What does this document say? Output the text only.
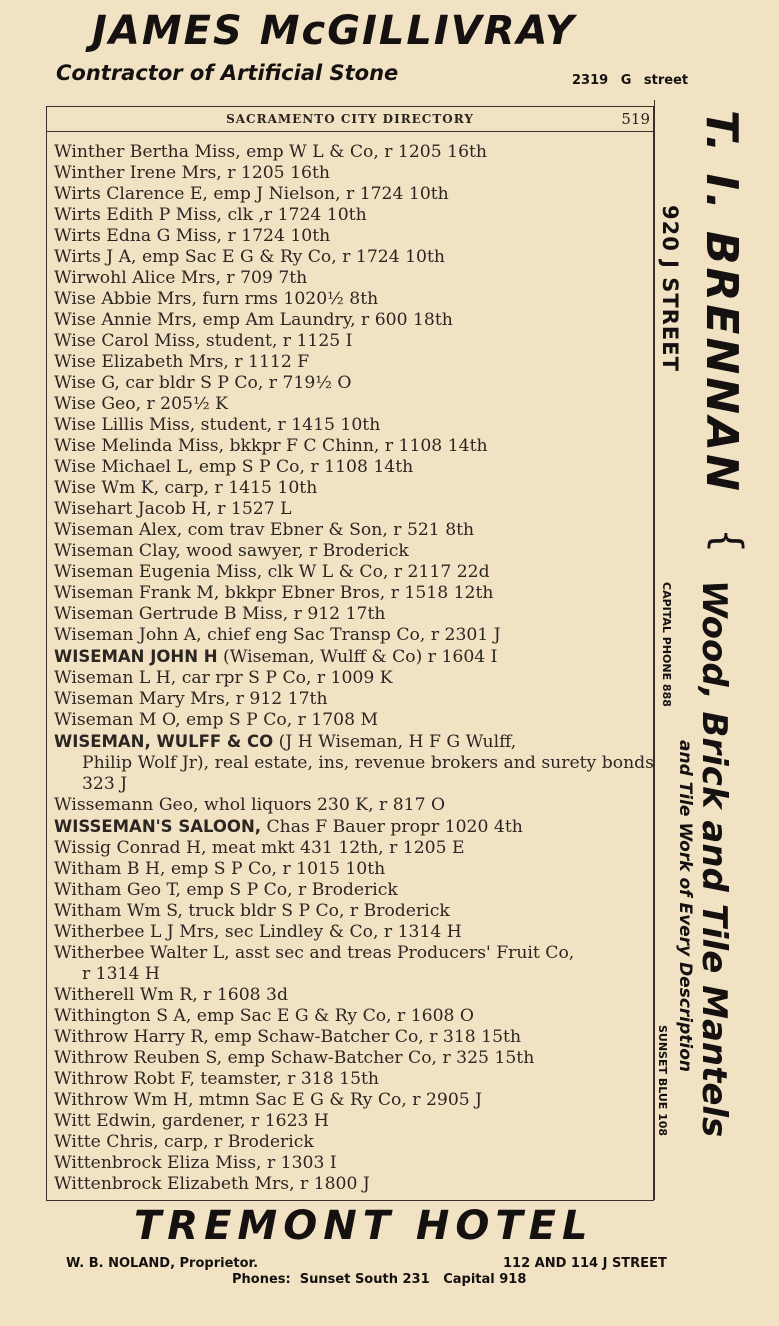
JAMES McGILLIVRAY
Contractor of Artificial Stone	2319 G street
SACRAMENTO CITY DIRECTORY	519
Winther Bertha Miss, emp W L & Co, r 1205 16th
Winther Irene Mrs, r 1205 16th
Wirts Clarence E, emp J Nielson, r 1724 10th
Wirts Edith P Miss, clk ,r 1724 10th
Wirts Edna G Miss, r 1724 10th
Wirts J A, emp Sac E G & Ry Co, r 1724 10th
Wirwohl Alice Mrs, r 709 7th
Wise Abbie Mrs, furn rms 1020½ 8th
Wise Annie Mrs, emp Am Laundry, r 600 18th
Wise Carol Miss, student, r 1125 I
Wise Elizabeth Mrs, r 1112 F
Wise G, car bldr S P Co, r 719½ O
Wise Geo, r 205½ K
Wise Lillis Miss, student, r 1415 10th
Wise Melinda Miss, bkkpr F C Chinn, r 1108 14th
Wise Michael L, emp S P Co, r 1108 14th
Wise Wm K, carp, r 1415 10th
Wisehart Jacob H, r 1527 L
Wiseman Alex, com trav Ebner & Son, r 521 8th
Wiseman Clay, wood sawyer, r Broderick
Wiseman Eugenia Miss, clk W L & Co, r 2117 22d
Wiseman Frank M, bkkpr Ebner Bros, r 1518 12th
Wiseman Gertrude B Miss, r 912 17th
Wiseman John A, chief eng Sac Transp Co, r 2301 J
WISEMAN JOHN H (Wiseman, Wulff & Co) r 1604 I
Wiseman L H, car rpr S P Co, r 1009 K
Wiseman Mary Mrs, r 912 17th
Wiseman M O, emp S P Co, r 1708 M
WISEMAN, WULFF & CO (J H Wiseman, H F G Wulff,
Philip Wolf Jr), real estate, ins, revenue brokers and surety bonds 323 J
Wissemann Geo, whol liquors 230 K, r 817 O
WISSEMAN'S SALOON, Chas F Bauer propr 1020 4th
Wissig Conrad H, meat mkt 431 12th, r 1205 E
Witham B H, emp S P Co, r 1015 10th
Witham Geo T, emp S P Co, r Broderick
Witham Wm S, truck bldr S P Co, r Broderick
Witherbee L J Mrs, sec Lindley & Co, r 1314 H
Witherbee Walter L, asst sec and treas Producers' Fruit Co,
r 1314 H
Witherell Wm R, r 1608 3d
Withington S A, emp Sac E G & Ry Co, r 1608 O
Withrow Harry R, emp Schaw-Batcher Co, r 318 15th
Withrow Reuben S, emp Schaw-Batcher Co, r 325 15th
Withrow Robt F, teamster, r 318 15th
Withrow Wm H, mtmn Sac E G & Ry Co, r 2905 J
Witt Edwin, gardener, r 1623 H
Witte Chris, carp, r Broderick
Wittenbrock Eliza Miss, r 1303 I
Wittenbrock Elizabeth Mrs, r 1800 J
T. I. BRENNAN
920 J STREET
{
CAPITAL PHONE 888 Wood, Brick and Tile Mantels
and Tile Work of Every Description
SUNSET BLUE 108
TREMONT HOTEL
W. B. NOLAND, Proprietor.	112 AND 114 J STREET
Phones:  Sunset South 231   Capital 918
